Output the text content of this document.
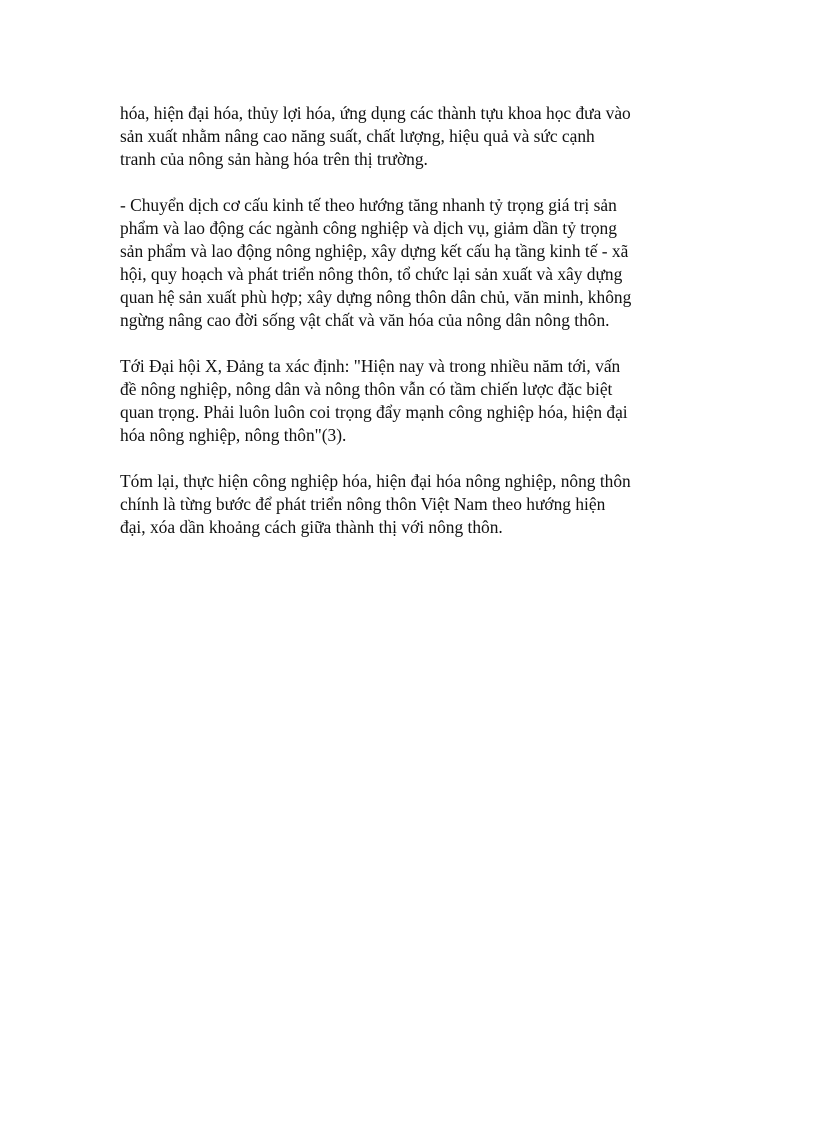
hóa, hiện đại hóa, thủy lợi hóa, ứng dụng các thành tựu khoa học đưa vào
sản xuất nhằm nâng cao năng suất, chất lượng, hiệu quả và sức cạnh
tranh của nông sản hàng hóa trên thị trường.

- Chuyển dịch cơ cấu kinh tế theo hướng tăng nhanh tỷ trọng giá trị sản
phẩm và lao động các ngành công nghiệp và dịch vụ, giảm dần tỷ trọng
sản phẩm và lao động nông nghiệp, xây dựng kết cấu hạ tầng kinh tế - xã
hội, quy hoạch và phát triển nông thôn, tổ chức lại sản xuất và xây dựng
quan hệ sản xuất phù hợp; xây dựng nông thôn dân chủ, văn minh, không
ngừng nâng cao đời sống vật chất và văn hóa của nông dân nông thôn.

Tới Đại hội X, Đảng ta xác định: "Hiện nay và trong nhiều năm tới, vấn
đề nông nghiệp, nông dân và nông thôn vẫn có tầm chiến lược đặc biệt
quan trọng. Phải luôn luôn coi trọng đẩy mạnh công nghiệp hóa, hiện đại
hóa nông nghiệp, nông thôn"(3).

Tóm lại, thực hiện công nghiệp hóa, hiện đại hóa nông nghiệp, nông thôn
chính là từng bước để phát triển nông thôn Việt Nam theo hướng hiện
đại, xóa dần khoảng cách giữa thành thị với nông thôn.
